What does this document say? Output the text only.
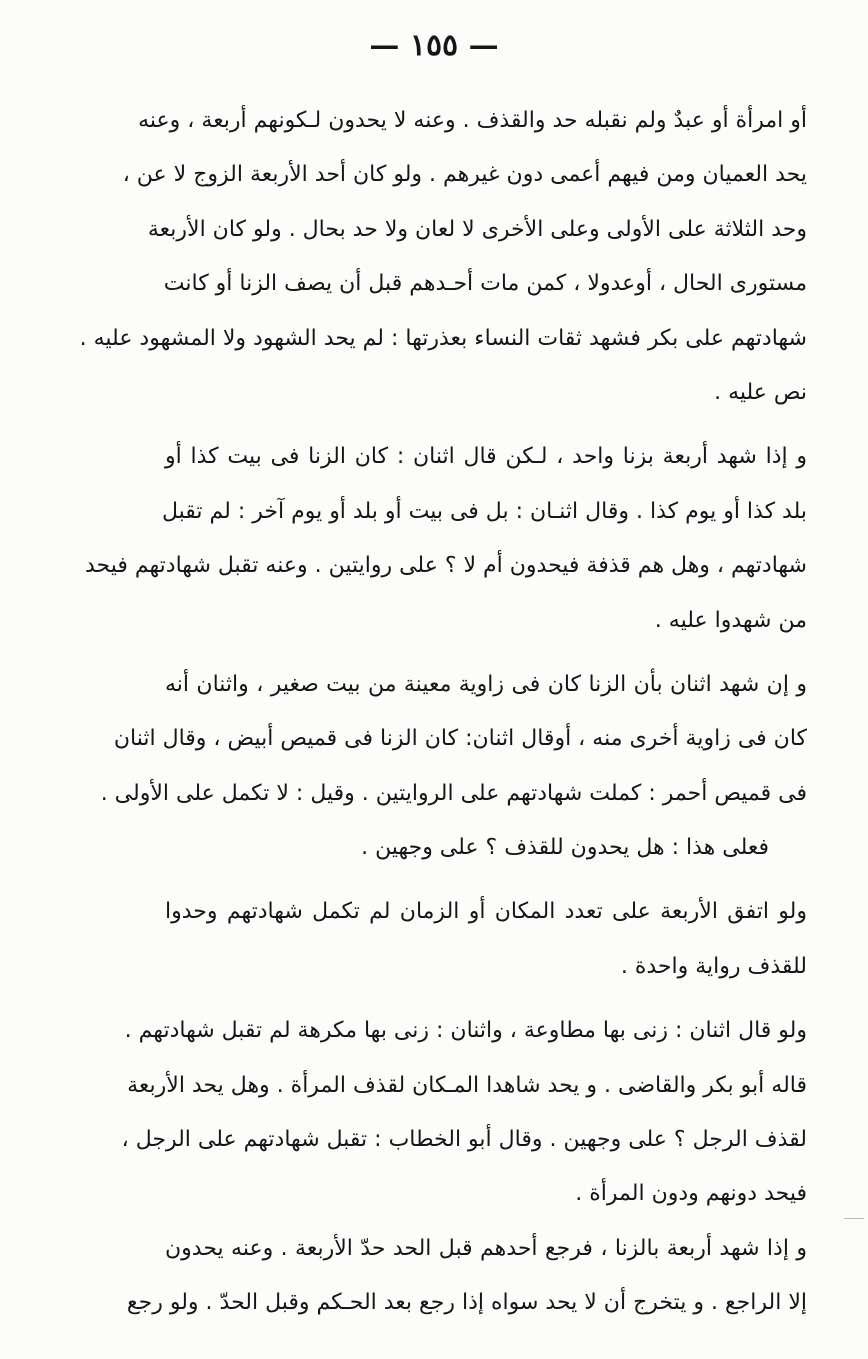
— ١٥٥ —
أو امرأة أو عبدٌ ولم نقبله حد والقذف . وعنه لا يحدون لـكونهم أربعة ، وعنه
يحد العميان ومن فيهم أعمى دون غيرهم . ولو كان أحد الأربعة الزوج لا عن ،
وحد الثلاثة على الأولى وعلى الأخرى لا لعان ولا حد بحال . ولو كان الأربعة
مستورى الحال ، أوعدولا ، كمن مات أحـدهم قبل أن يصف الزنا أو كانت
شهادتهم على بكر فشهد ثقات النساء بعذرتها : لم يحد الشهود ولا المشهود عليه .
نص عليه .
و إذا شهد أربعة بزنا واحد ، لـكن قال اثنان : كان الزنا فى بيت كذا أو
بلد كذا أو يوم كذا . وقال اثنـان : بل فى بيت أو بلد أو يوم آخر : لم تقبل
شهادتهم ، وهل هم قذفة فيحدون أم لا ؟ على روايتين . وعنه تقبل شهادتهم فيحد
من شهدوا عليه .
و إن شهد اثنان بأن الزنا كان فى زاوية معينة من بيت صغير ، واثنان أنه
كان فى زاوية أخرى منه ، أوقال اثنان: كان الزنا فى قميص أبيض ، وقال اثنان
فى قميص أحمر : كملت شهادتهم على الروايتين . وقيل : لا تكمل على الأولى .
فعلى هذا : هل يحدون للقذف ؟ على وجهين .
ولو اتفق الأربعة على تعدد المكان أو الزمان لم تكمل شهادتهم وحدوا
للقذف رواية واحدة .
ولو قال اثنان : زنى بها مطاوعة ، واثنان : زنى بها مكرهة لم تقبل شهادتهم .
قاله أبو بكر والقاضى . و يحد شاهدا المـكان لقذف المرأة . وهل يحد الأربعة
لقذف الرجل ؟ على وجهين . وقال أبو الخطاب : تقبل شهادتهم على الرجل ،
فيحد دونهم ودون المرأة .
و إذا شهد أربعة بالزنا ، فرجع أحدهم قبل الحد حدّ الأربعة . وعنه يحدون
إلا الراجع . و يتخرج أن لا يحد سواه إذا رجع بعد الحـكم وقبل الحدّ . ولو رجع
